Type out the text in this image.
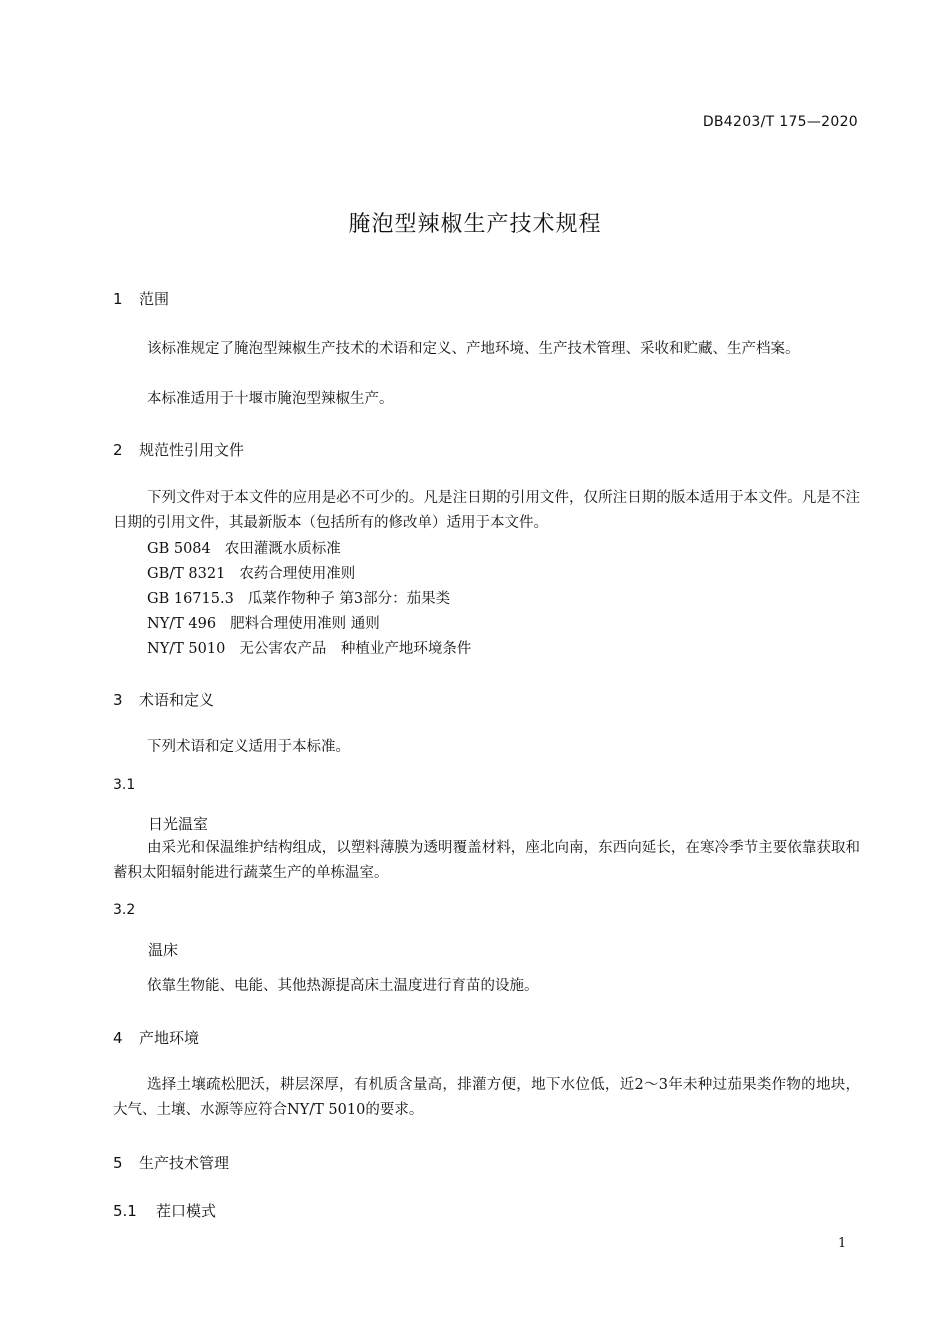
DB4203/T 175—2020
腌泡型辣椒生产技术规程
1 范围
该标准规定了腌泡型辣椒生产技术的术语和定义、产地环境、生产技术管理、采收和贮藏、生产档案。
本标准适用于十堰市腌泡型辣椒生产。
2 规范性引用文件
下列文件对于本文件的应用是必不可少的。凡是注日期的引用文件，仅所注日期的版本适用于本文件。凡是不注日期的引用文件，其最新版本（包括所有的修改单）适用于本文件。
GB 5084 农田灌溉水质标准
GB/T 8321 农药合理使用准则
GB 16715.3 瓜菜作物种子 第3部分：茄果类
NY/T 496 肥料合理使用准则 通则
NY/T 5010 无公害农产品　种植业产地环境条件
3 术语和定义
下列术语和定义适用于本标准。
3.1
日光温室
由采光和保温维护结构组成，以塑料薄膜为透明覆盖材料，座北向南，东西向延长，在寒冷季节主要依靠获取和蓄积太阳辐射能进行蔬菜生产的单栋温室。
3.2
温床
依靠生物能、电能、其他热源提高床土温度进行育苗的设施。
4 产地环境
选择土壤疏松肥沃，耕层深厚，有机质含量高，排灌方便，地下水位低，近2～3年未种过茄果类作物的地块，大气、土壤、水源等应符合NY/T 5010的要求。
5 生产技术管理
5.1 茬口模式
1
